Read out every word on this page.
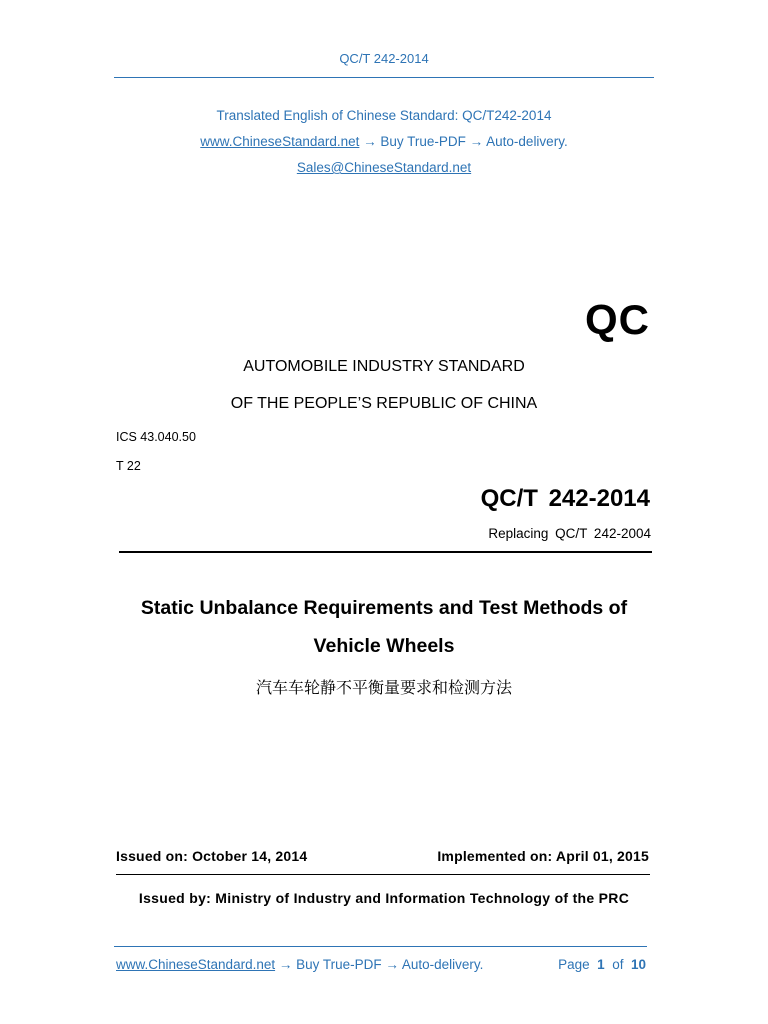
QC/T 242-2014
Translated English of Chinese Standard: QC/T242-2014
www.ChineseStandard.net → Buy True-PDF → Auto-delivery.
Sales@ChineseStandard.net
QC
AUTOMOBILE INDUSTRY STANDARD
OF THE PEOPLE’S REPUBLIC OF CHINA
ICS 43.040.50
T 22
QC/T 242-2014
Replacing QC/T 242-2004
Static Unbalance Requirements and Test Methods of
Vehicle Wheels
汽车车轮静不平衡量要求和检测方法
Issued on: October 14, 2014	Implemented on: April 01, 2015
Issued by: Ministry of Industry and Information Technology of the PRC
www.ChineseStandard.net → Buy True-PDF → Auto-delivery.	Page 1 of 10
